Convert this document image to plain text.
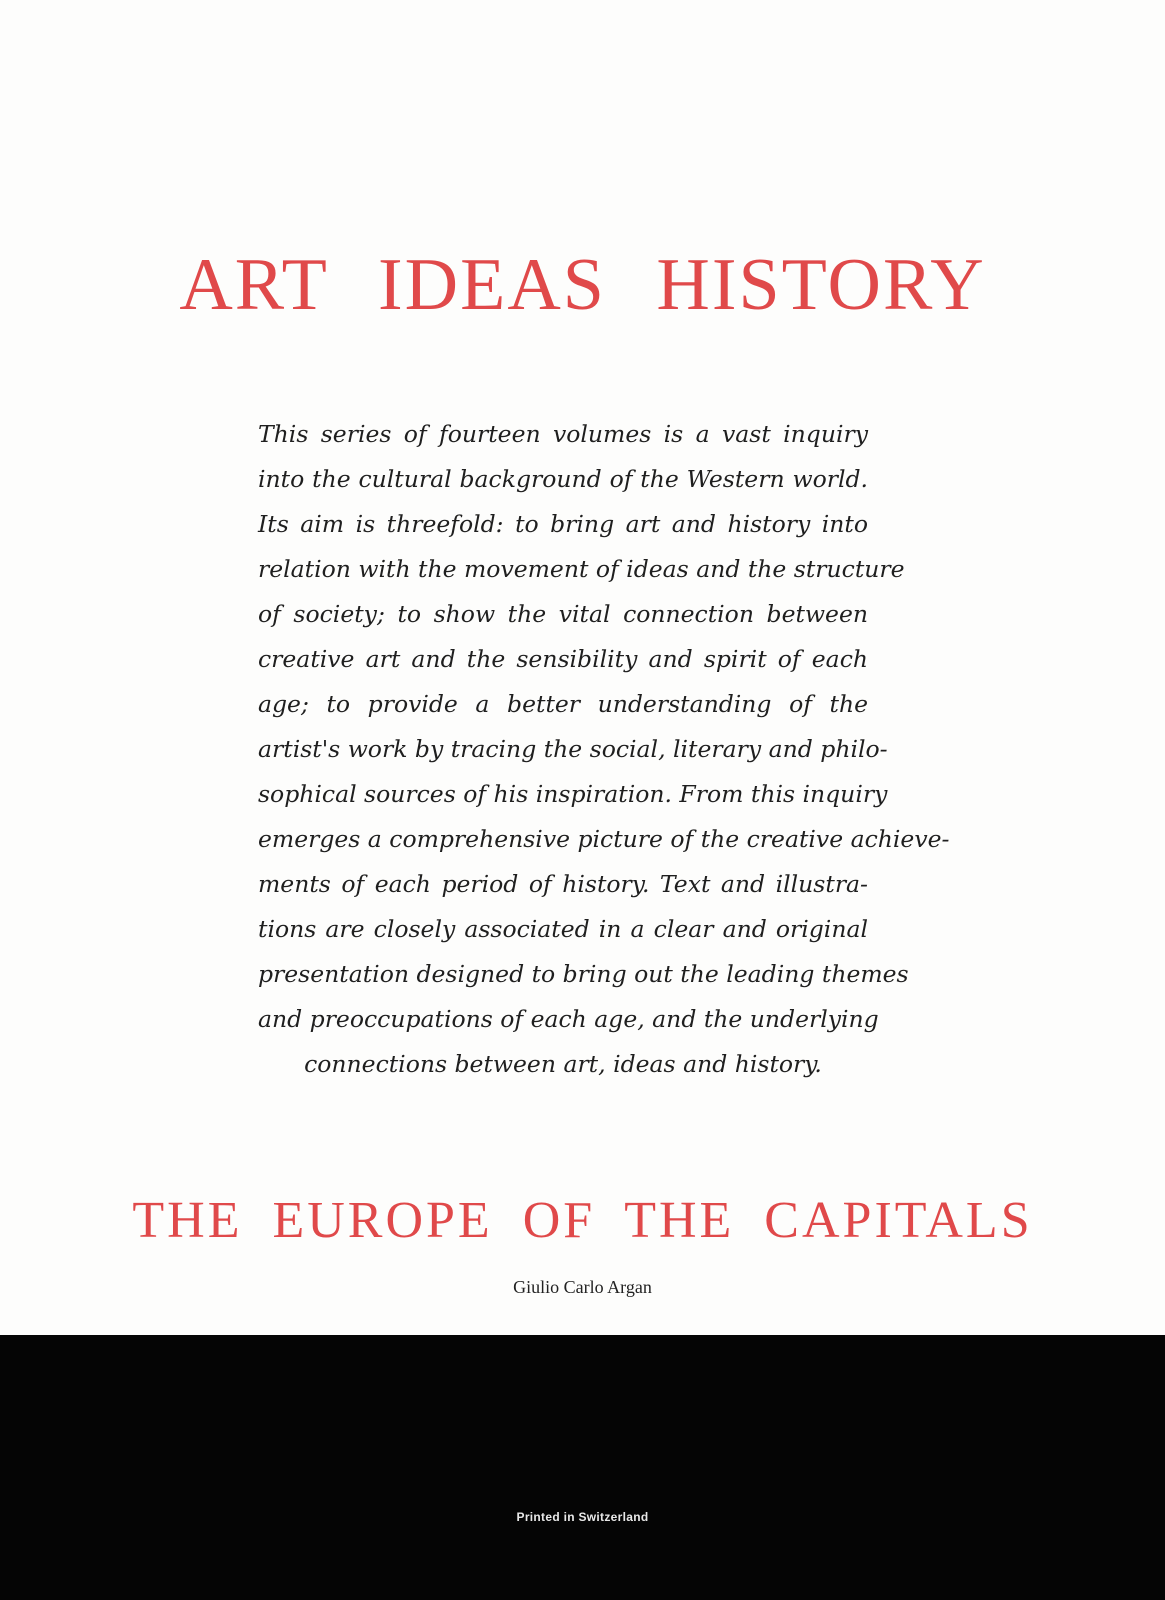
ART IDEAS HISTORY
This series of fourteen volumes is a vast inquiry
into the cultural background of the Western world.
Its aim is threefold: to bring art and history into
relation with the movement of ideas and the structure
of society; to show the vital connection between
creative art and the sensibility and spirit of each
age; to provide a better understanding of the
artist's work by tracing the social, literary and philo-
sophical sources of his inspiration. From this inquiry
emerges a comprehensive picture of the creative achieve-
ments of each period of history. Text and illustra-
tions are closely associated in a clear and original
presentation designed to bring out the leading themes
and preoccupations of each age, and the underlying
connections between art, ideas and history.
THE EUROPE OF THE CAPITALS

Giulio Carlo Argan

Printed in Switzerland
